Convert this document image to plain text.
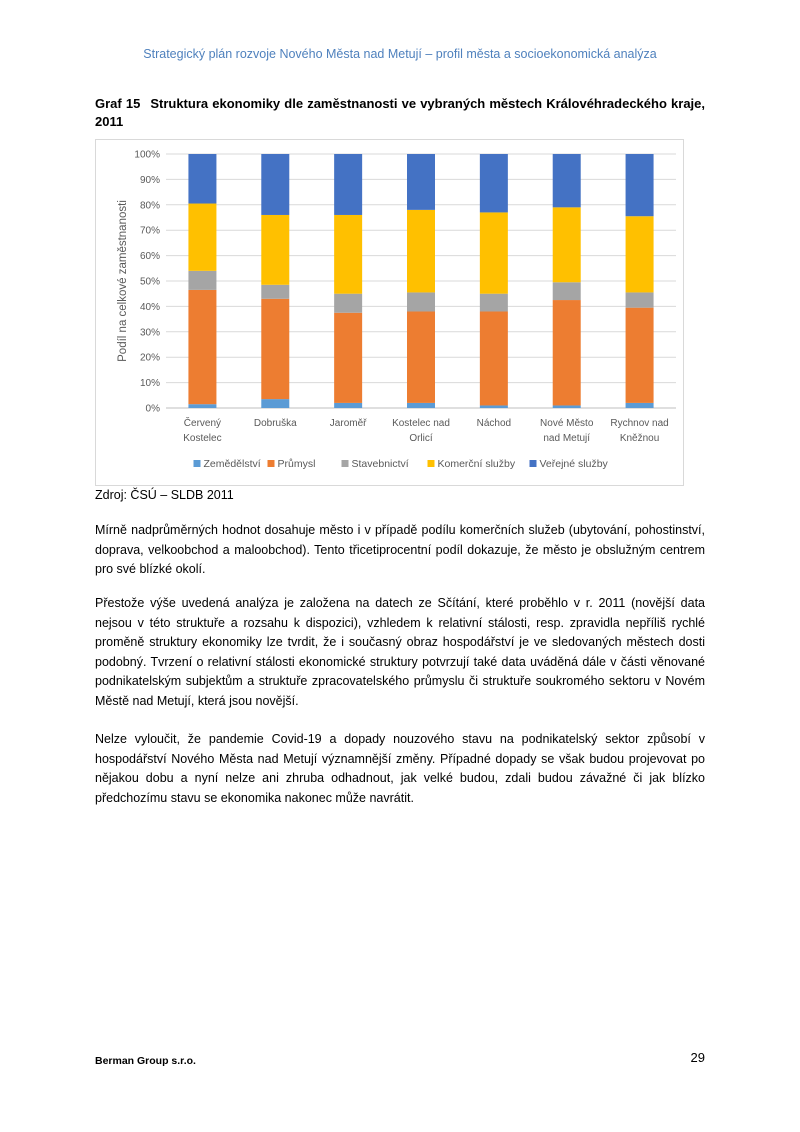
Strategický plán rozvoje Nového Města nad Metují – profil města a socioekonomická analýza
Graf 15 Struktura ekonomiky dle zaměstnanosti ve vybraných městech Královéhradeckého kraje, 2011
0%
10%
20%
30%
40%
50%
60%
70%
80%
90%
100%
Podíl na celkové zaměstnanosti
Červený
Kostelec
Dobruška	Jaroměř	Kostelec nad
Orlicí
Náchod	Nové Město
nad Metují
Rychnov nad
Kněžnou
Zemědělství Průmysl	Stavebnictví	Komerční služby Veřejné služby
Zdroj: ČSÚ – SLDB 2011

Mírně nadprůměrných hodnot dosahuje město i v případě podílu komerčních služeb (ubytování, pohostinství, doprava, velkoobchod a maloobchod). Tento třicetiprocentní podíl dokazuje, že město je obslužným centrem pro své blízké okolí.

Přestože výše uvedená analýza je založena na datech ze Sčítání, které proběhlo v r. 2011 (novější data nejsou v této struktuře a rozsahu k dispozici), vzhledem k relativní stálosti, resp. zpravidla nepříliš rychlé proměně struktury ekonomiky lze tvrdit, že i současný obraz hospodářství je ve sledovaných městech dosti podobný. Tvrzení o relativní stálosti ekonomické struktury potvrzují také data uváděná dále v části věnované podnikatelským subjektům a struktuře zpracovatelského průmyslu či struktuře soukromého sektoru v Novém Městě nad Metují, která jsou novější.

Nelze vyloučit, že pandemie Covid-19 a dopady nouzového stavu na podnikatelský sektor způsobí v hospodářství Nového Města nad Metují významnější změny. Případné dopady se však budou projevovat po nějakou dobu a nyní nelze ani zhruba odhadnout, jak velké budou, zdali budou závažné či jak blízko předchozímu stavu se ekonomika nakonec může navrátit.

Berman Group s.r.o.	29
